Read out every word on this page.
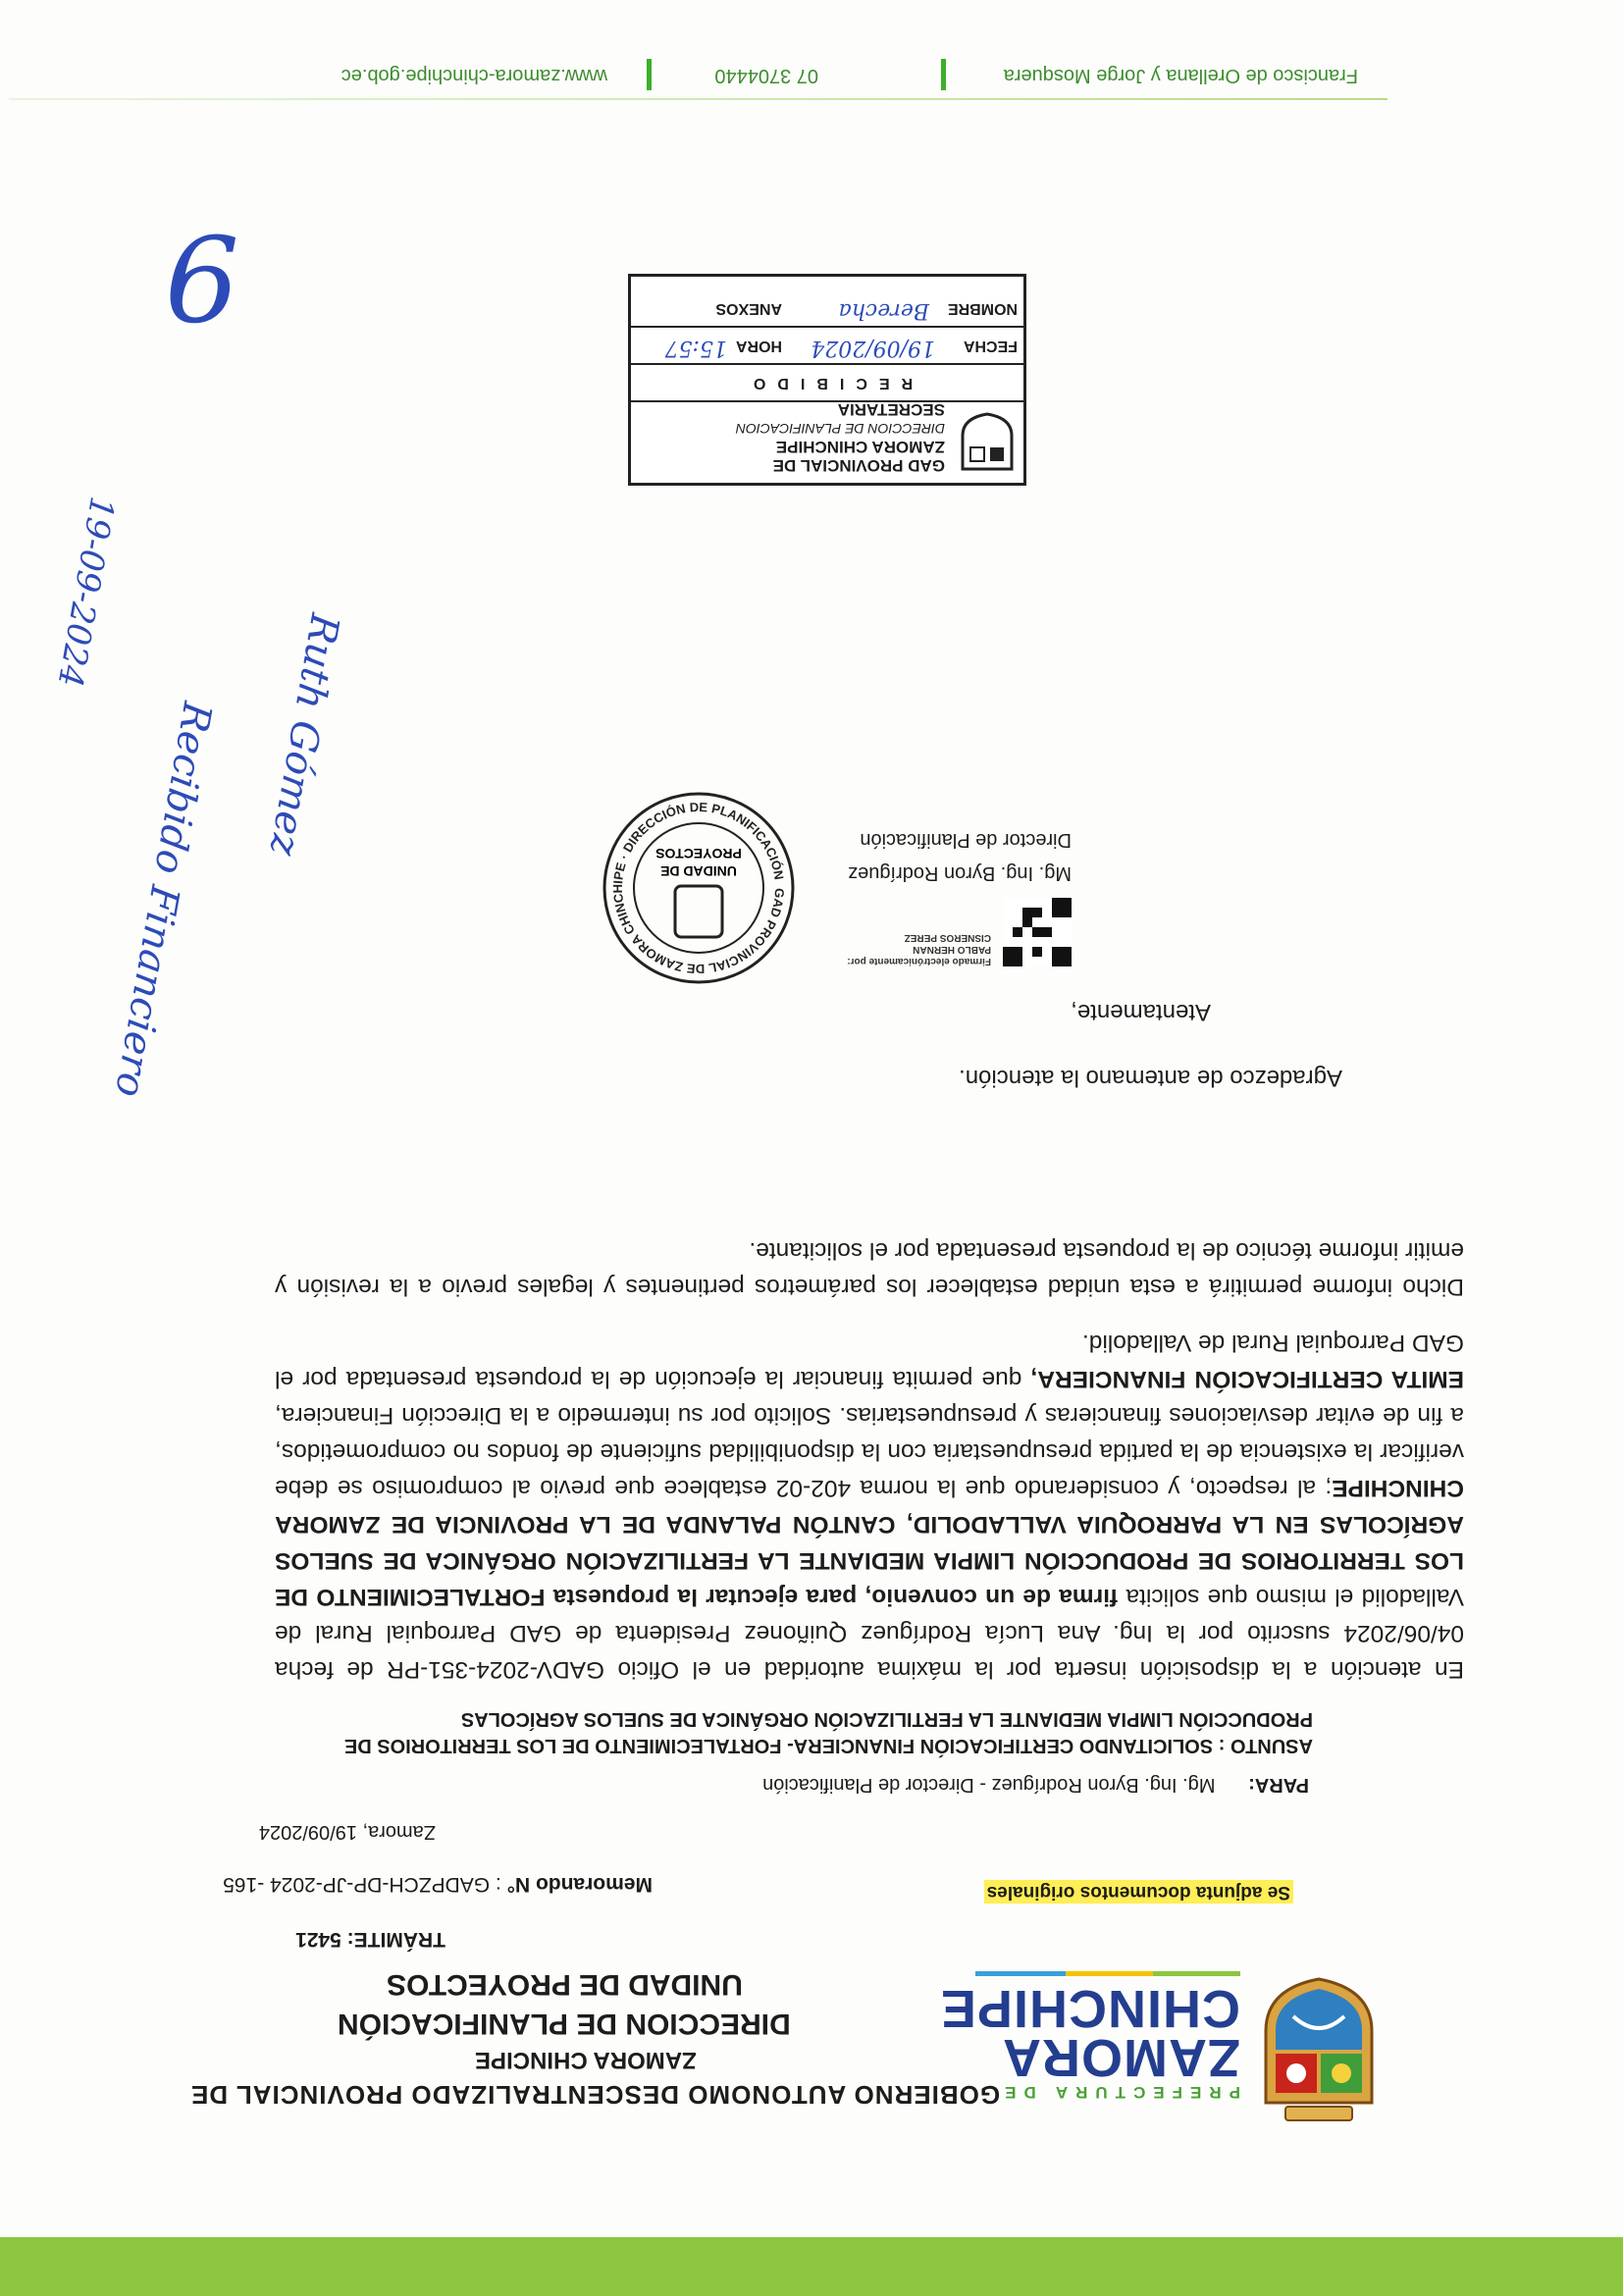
PREFECTURA DE
ZAMORA
CHINCHIPE
GOBIERNO AUTONOMO DESCENTRALIZADO PROVINCIAL DE
ZAMORA CHINCIPE
DIRECCION DE PLANIFICACIÓN
UNIDAD DE PROYECTOS
TRÁMITE: 5421
Se adjunta documentos originales
Memorando N° : GADPZCH-DP-JP-2024 -165
Zamora, 19/09/2024
PARA: Mg. Ing. Byron Rodríguez - Director de Planificación
ASUNTO : SOLICITANDO CERTIFICACIÓN FINANCIERA- FORTALECIMIENTO DE LOS TERRITORIOS DE PRODUCCIÓN LIMPIA MEDIANTE LA FERTILIZACIÓN ORGÁNICA DE SUELOS AGRÍCOLAS

En atención a la disposición inserta por la máxima autoridad en el Oficio GADV-2024-351-PR de fecha 04/06/2024 suscrito por la Ing. Ana Lucía Rodríguez Quiñonez Presidenta de GAD Parroquial Rural de Valladolid el mismo que solicita firma de un convenio, para ejecutar la propuesta FORTALECIMIENTO DE LOS TERRITORIOS DE PRODUCCIÓN LIMPIA MEDIANTE LA FERTILIZACIÓN ORGÁNICA DE SUELOS AGRÍCOLAS EN LA PARROQUIA VALLADOLID, CANTÓN PALANDA DE LA PROVINCIA DE ZAMORA CHINCHIPE; al respecto, y considerando que la norma 402-02 establece que previo al compromiso se debe verificar la existencia de la partida presupuestaria con la disponibilidad suficiente de fondos no comprometidos, a fin de evitar desviaciones financieras y presupuestarias. Solicito por su intermedio a la Dirección Financiera, EMITA CERTIFICACIÓN FINANCIERA, que permita financiar la ejecución de la propuesta presentada por el GAD Parroquial Rural de Valladolid.

Dicho informe permitirá a esta unidad establecer los parámetros pertinentes y legales previo a la revisión y emitir informe técnico de la propuesta presentada por el solicitante.

Agradezco de antemano la atención.
Atentamente,
Firmado electrónicamente por:
PABLO HERNAN
CISNEROS PEREZ
Mg. Ing. Byron Rodríguez
Director de Planificación
GAD PROVINCIAL DE ZAMORA CHINCHIPE · DIRECCIÓN DE PLANIFICACIÓN
UNIDAD DE
PROYECTOS
GAD PROVINCIAL DE
ZAMORA CHINCHIPE
DIRECCION DE PLANIFICACION
SECRETARIA
RECIBIDO
FECHA
19/09/2024
HORA
15:57
NOMBRE
Berecha
ANEXOS
Recibido Financiero Ruth Gómez
19-09-2024
9
Francisco de Orellana y Jorge Mosquera
07 3704440
www.zamora-chinchipe.gob.ec
